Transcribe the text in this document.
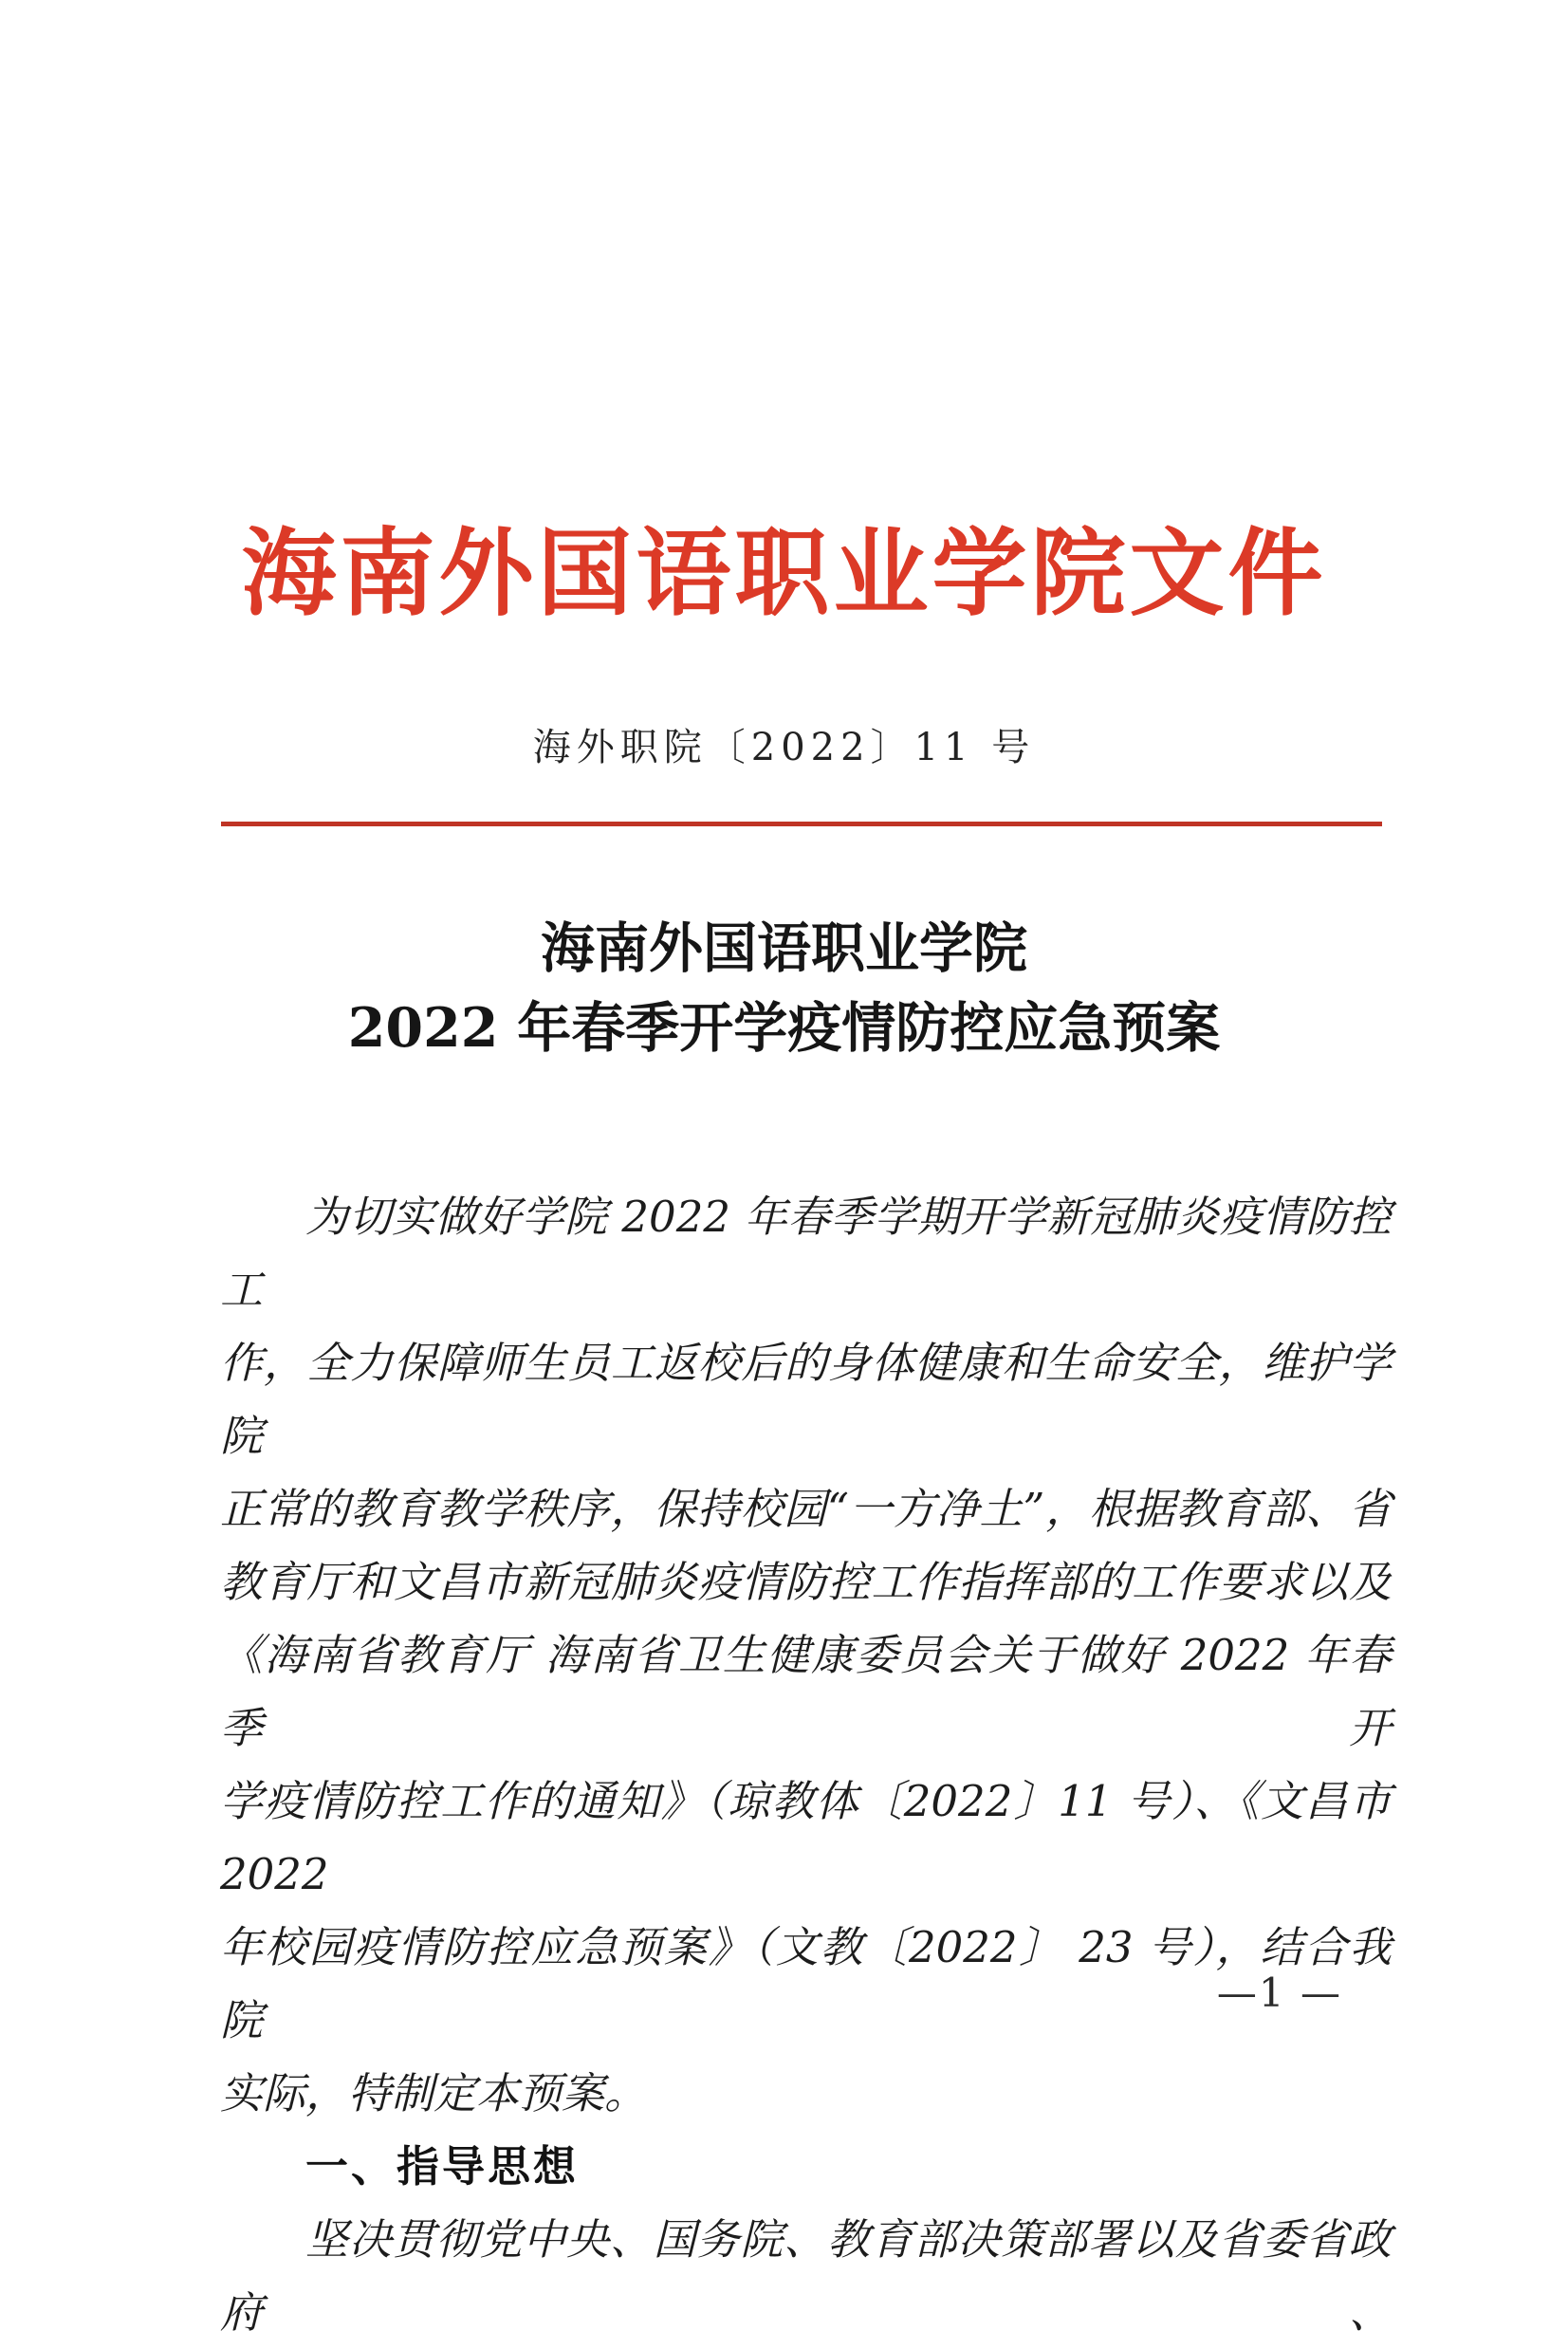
海南外国语职业学院文件
海外职院〔2022〕11 号
海南外国语职业学院
2022 年春季开学疫情防控应急预案
为切实做好学院 2022 年春季学期开学新冠肺炎疫情防控工
作，全力保障师生员工返校后的身体健康和生命安全，维护学院
正常的教育教学秩序，保持校园“一方净土”，根据教育部、省
教育厅和文昌市新冠肺炎疫情防控工作指挥部的工作要求以及
《海南省教育厅 海南省卫生健康委员会关于做好 2022 年春季开
学疫情防控工作的通知》（琼教体〔2022〕11 号）、《文昌市 2022
年校园疫情防控应急预案》（文教〔2022〕 23 号），结合我院
实际，特制定本预案。
一、指导思想
坚决贯彻党中央、国务院、教育部决策部署以及省委省政府、
—1 —
